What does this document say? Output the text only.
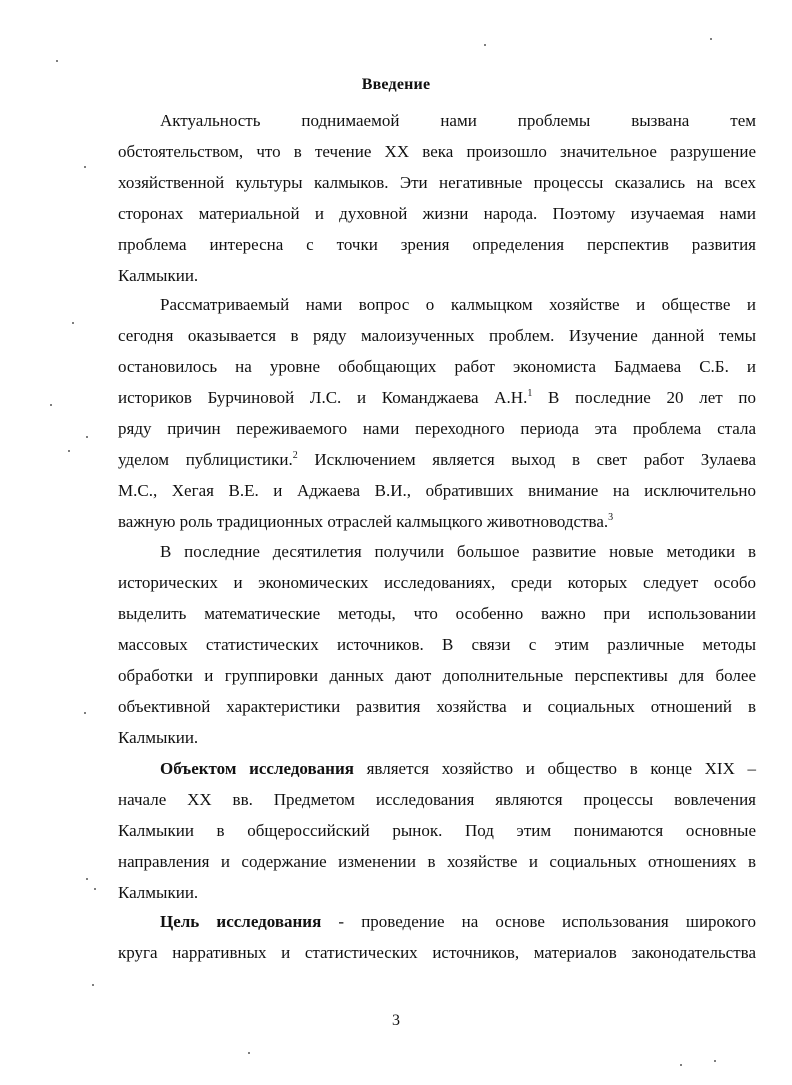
Введение
Актуальность поднимаемой нами проблемы вызвана тем
обстоятельством, что в течение XX века произошло значительное разрушение
хозяйственной культуры калмыков. Эти негативные процессы сказались на всех
сторонах материальной и духовной жизни народа. Поэтому изучаемая нами
проблема интересна с точки зрения определения перспектив развития
Калмыкии.
Рассматриваемый нами вопрос о калмыцком хозяйстве и обществе и
сегодня оказывается в ряду малоизученных проблем. Изучение данной темы
остановилось на уровне обобщающих работ экономиста Бадмаева С.Б. и
историков Бурчиновой Л.С. и Команджаева А.Н.$^1$ В последние 20 лет по
ряду причин переживаемого нами переходного периода эта проблема стала
уделом публицистики.$^2$ Исключением является выход в свет работ Зулаева
М.С., Хегая В.Е. и Аджаева В.И., обративших внимание на исключительно
важную роль традиционных отраслей калмыцкого животноводства.$^3$
В последние десятилетия получили большое развитие новые методики в
исторических и экономических исследованиях, среди которых следует особо
выделить математические методы, что особенно важно при использовании
массовых статистических источников. В связи с этим различные методы
обработки и группировки данных дают дополнительные перспективы для более
объективной характеристики развития хозяйства и социальных отношений в
Калмыкии.
Объектом исследования является хозяйство и общество в конце XIX –
начале XX вв. Предметом исследования являются процессы вовлечения
Калмыкии в общероссийский рынок. Под этим понимаются основные
направления и содержание изменении в хозяйстве и социальных отношениях в
Калмыкии.
Цель исследования - проведение на основе использования широкого
круга нарративных и статистических источников, материалов законодательства
3
